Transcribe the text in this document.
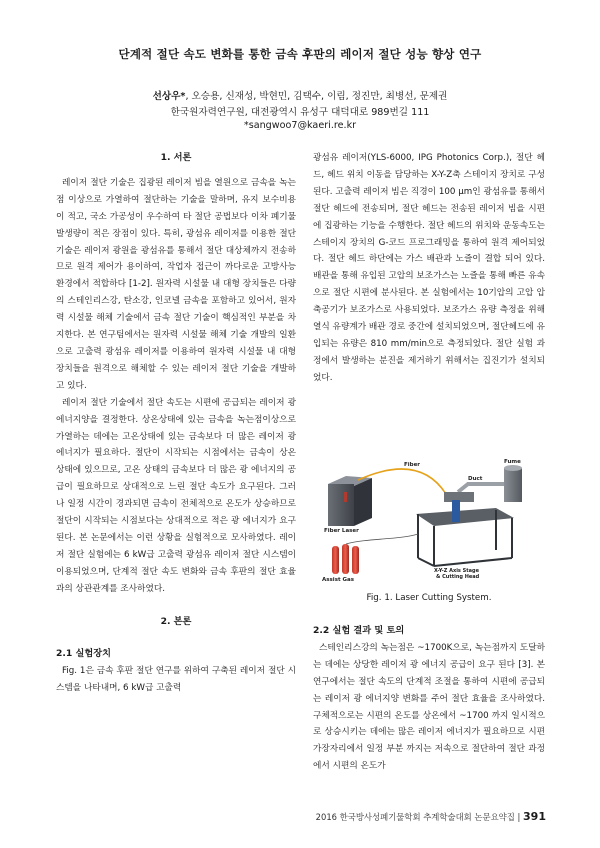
단계적 절단 속도 변화를 통한 금속 후판의 레이저 절단 성능 향상 연구
선상우*, 오승용, 신재성, 박현민, 김택수, 이림, 정진만, 최병선, 문제권
한국원자력연구원, 대전광역시 유성구 대덕대로 989번길 111
*sangwoo7@kaeri.re.kr
1. 서론

레이저 절단 기술은 집광된 레이저 빔을 열원으로 금속을 녹는점 이상으로 가열하여 절단하는 기술을 말하며, 유지 보수비용이 적고, 국소 가공성이 우수하여 타 절단 공법보다 이차 폐기물 발생량이 적은 장점이 있다. 특히, 광섬유 레이저를 이용한 절단 기술은 레이저 광원을 광섬유를 통해서 절단 대상체까지 전송하므로 원격 제어가 용이하여, 작업자 접근이 까다로운 고방사능 환경에서 적합하다 [1-2]. 원자력 시설물 내 대형 장치들은 다량의 스테인리스강, 탄소강, 인코넬 금속을 포함하고 있어서, 원자력 시설물 해체 기술에서 금속 절단 기술이 핵심적인 부분을 차지한다. 본 연구팀에서는 원자력 시설물 해체 기술 개발의 일환으로 고출력 광섬유 레이저를 이용하여 원자력 시설물 내 대형 장치들을 원격으로 해체할 수 있는 레이저 절단 기술을 개발하고 있다.

레이저 절단 기술에서 절단 속도는 시편에 공급되는 레이저 광 에너지양을 결정한다. 상온상태에 있는 금속을 녹는점이상으로 가열하는 데에는 고온상태에 있는 금속보다 더 많은 레이저 광 에너지가 필요하다. 절단이 시작되는 시점에서는 금속이 상온 상태에 있으므로, 고온 상태의 금속보다 더 많은 광 에너지의 공급이 필요하므로 상대적으로 느린 절단 속도가 요구된다. 그러나 일정 시간이 경과되면 금속이 전체적으로 온도가 상승하므로 절단이 시작되는 시점보다는 상대적으로 적은 광 에너지가 요구된다. 본 논문에서는 이런 상황을 실험적으로 모사하였다. 레이저 절단 실험에는 6 kW급 고출력 광섬유 레이저 절단 시스템이 이용되었으며, 단계적 절단 속도 변화와 금속 후판의 절단 효율과의 상관관계를 조사하였다.

2. 본론
2.1 실험장치

Fig. 1은 금속 후판 절단 연구를 위하여 구축된 레이저 절단 시스템을 나타내며, 6 kW급 고출력

광섬유 레이저(YLS-6000, IPG Photonics Corp.), 절단 헤드, 헤드 위치 이동을 담당하는 X-Y-Z축 스테이지 장치로 구성된다. 고출력 레이저 빔은 직경이 100 μm인 광섬유를 통해서 절단 헤드에 전송되며, 절단 헤드는 전송된 레이저 빔을 시편에 집광하는 기능을 수행한다. 절단 헤드의 위치와 운동속도는 스테이지 장치의 G-코드 프로그래밍을 통하여 원격 제어되었다. 절단 헤드 하단에는 가스 배관과 노즐이 결합 되어 있다. 배관을 통해 유입된 고압의 보조가스는 노즐을 통해 빠른 유속으로 절단 시편에 분사된다. 본 실험에서는 10기압의 고압 압축공기가 보조가스로 사용되었다. 보조가스 유량 측정을 위해 열식 유량계가 배관 경로 중간에 설치되었으며, 절단헤드에 유입되는 유량은 810 mm/min으로 측정되었다. 절단 실험 과정에서 발생하는 분진을 제거하기 위해서는 집진기가 설치되었다.

Fiber Laser
Fiber	Fume
Duct
X-Y-Z Axis Stage
& Cutting Head
Assist Gas
Fig. 1. Laser Cutting System.
2.2 실험 결과 및 토의

스테인리스강의 녹는점은 ~1700K으로, 녹는점까지 도달하는 데에는 상당한 레이저 광 에너지 공급이 요구 된다 [3]. 본 연구에서는 절단 속도의 단계적 조절을 통하여 시편에 공급되는 레이저 광 에너지양 변화를 주어 절단 효율을 조사하였다. 구체적으로는 시편의 온도를 상온에서 ~1700 까지 일시적으로 상승시키는 데에는 많은 레이저 에너지가 필요하므로 시편 가장자리에서 일정 부분 까지는 저속으로 절단하여 절단 과정에서 시편의 온도가

2016 한국방사성폐기물학회 추계학술대회 논문요약집 | 391
